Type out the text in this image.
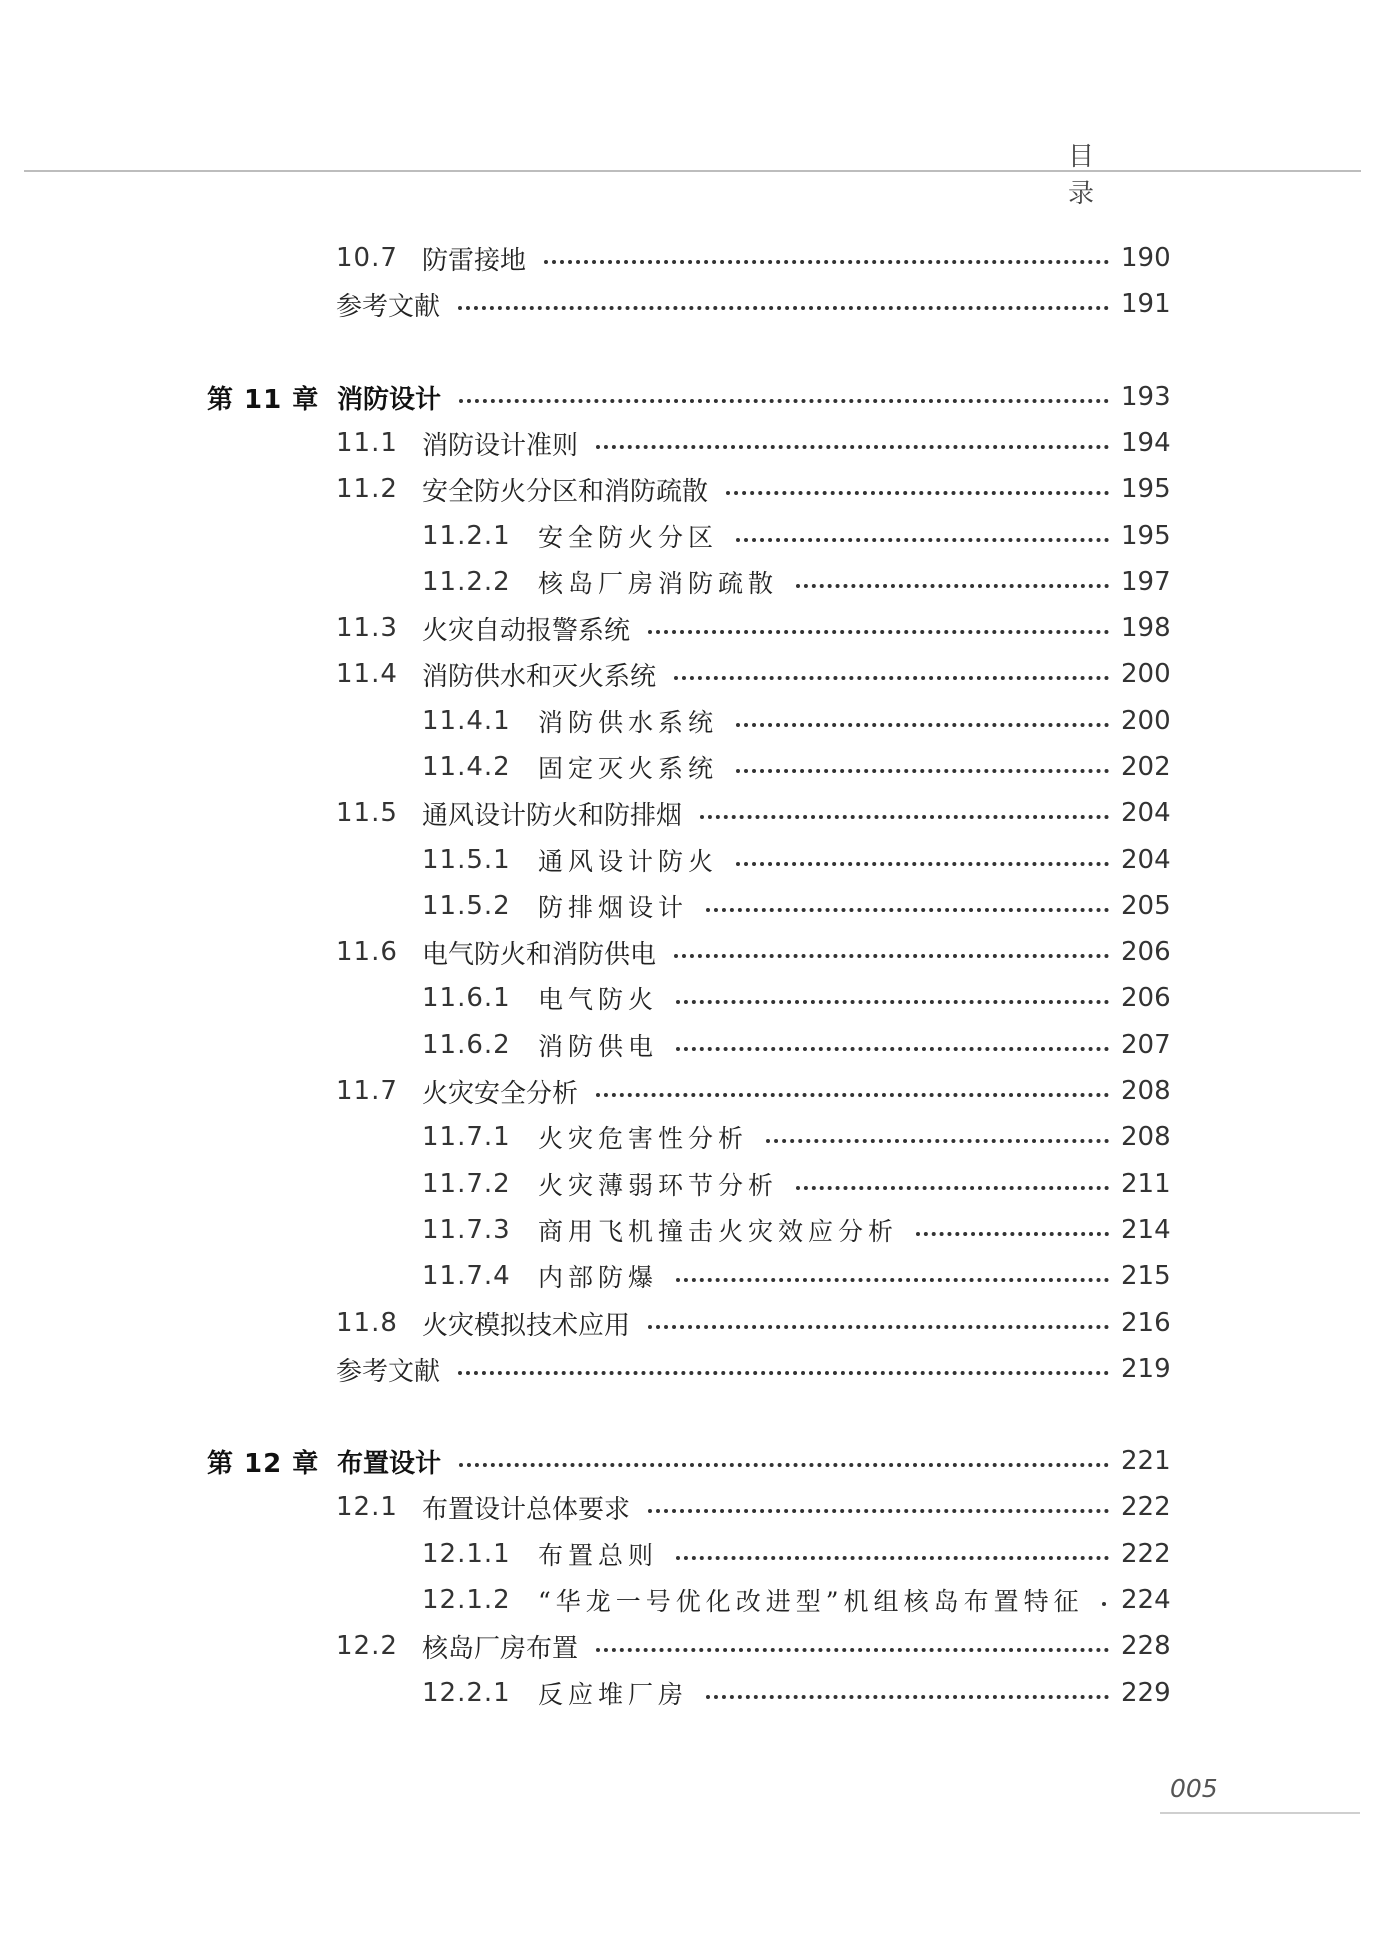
目 录
10.7 防雷接地	190
参考文献	191
第 11 章 消防设计	193
11.1 消防设计准则	194
11.2 安全防火分区和消防疏散	195
11.2.1	安全防火分区	195
11.2.2	核岛厂房消防疏散	197
11.3 火灾自动报警系统	198
11.4 消防供水和灭火系统	200
11.4.1	消防供水系统	200
11.4.2	固定灭火系统	202
11.5 通风设计防火和防排烟	204
11.5.1	通风设计防火	204
11.5.2	防排烟设计	205
11.6 电气防火和消防供电	206
11.6.1	电气防火	206
11.6.2	消防供电	207
11.7 火灾安全分析	208
11.7.1	火灾危害性分析	208
11.7.2	火灾薄弱环节分析	211
11.7.3	商用飞机撞击火灾效应分析	214
11.7.4	内部防爆	215
11.8 火灾模拟技术应用	216
参考文献	219
第 12 章 布置设计	221
12.1 布置设计总体要求	222
12.1.1	布置总则	222
12.1.2	“华龙一号优化改进型”机组核岛布置特征 224
12.2 核岛厂房布置	228
12.2.1	反应堆厂房	229
005
